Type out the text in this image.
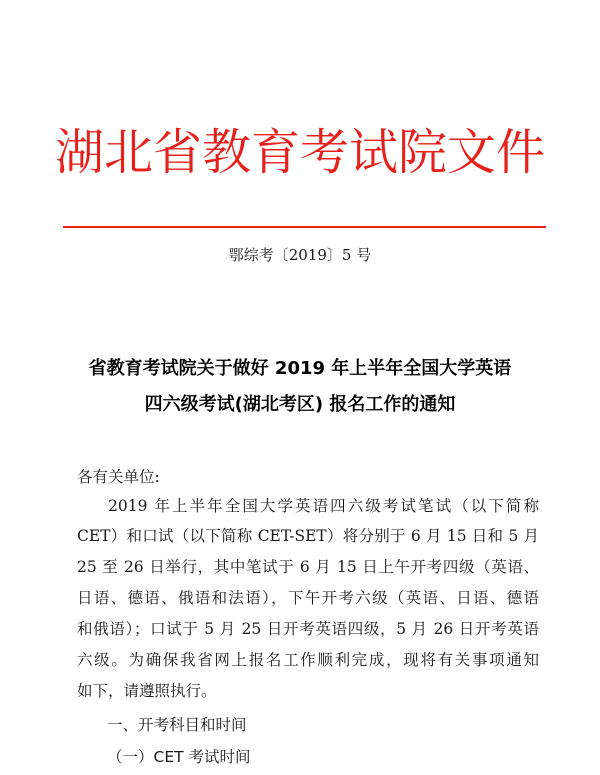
湖北省教育考试院文件
鄂综考〔2019〕5 号
省教育考试院关于做好 2019 年上半年全国大学英语
四六级考试(湖北考区) 报名工作的通知
各有关单位:
2019 年上半年全国大学英语四六级考试笔试（以下简称
CET）和口试（以下简称 CET-SET）将分别于 6 月 15 日和 5 月
25 至 26 日举行，其中笔试于 6 月 15 日上午开考四级（英语、
日语、德语、俄语和法语），下午开考六级（英语、日语、德语
和俄语）；口试于 5 月 25 日开考英语四级，5 月 26 日开考英语
六级。为确保我省网上报名工作顺利完成，现将有关事项通知
如下，请遵照执行。
一、开考科目和时间
（一）CET 考试时间
